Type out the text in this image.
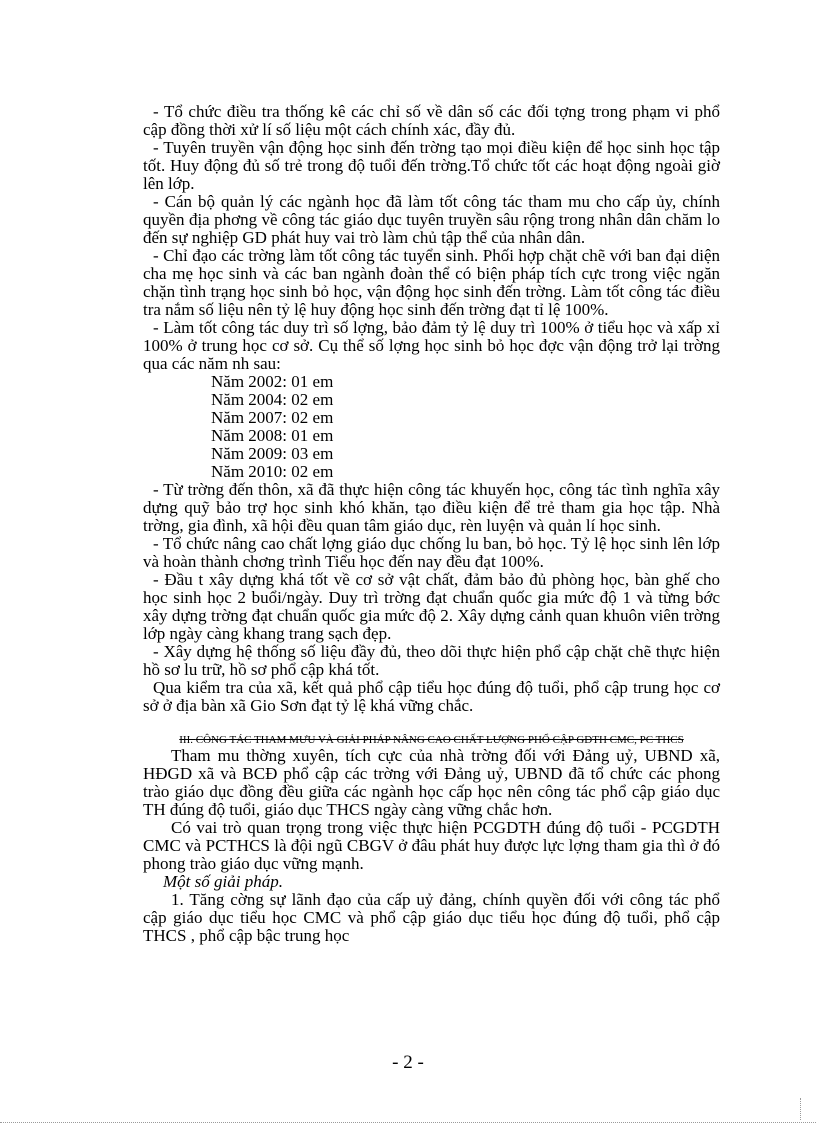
- Tổ chức điều tra thống kê các chỉ số về dân số các đối tợng trong phạm vi phổ cập đồng thời xử lí số liệu một cách chính xác, đầy đủ.

- Tuyên truyền vận động học sinh đến trờng tạo mọi điều kiện để học sinh học tập tốt. Huy động đủ số trẻ trong độ tuổi đến trờng.Tổ chức tốt các hoạt động ngoài giờ lên lớp.

- Cán bộ quản lý các ngành học đã làm tốt công tác tham mu cho cấp ủy, chính quyền địa phơng về công tác giáo dục tuyên truyền sâu rộng trong nhân dân chăm lo đến sự nghiệp GD phát huy vai trò làm chủ tập thể của nhân dân.

- Chỉ đạo các trờng làm tốt công tác tuyển sinh. Phối hợp chặt chẽ với ban đại diện cha mẹ học sinh và các ban ngành đoàn thể có biện pháp tích cực trong việc ngăn chặn tình trạng học sinh bỏ học, vận động học sinh đến trờng. Làm tốt công tác điều tra nắm số liệu nên tỷ lệ huy động học sinh đến trờng đạt tỉ lệ 100%.

- Làm tốt công tác duy trì số lợng, bảo đảm tỷ lệ duy trì 100% ở tiểu học và xấp xỉ 100% ở trung học cơ sở. Cụ thể số lợng học sinh bỏ học đợc vận động trở lại trờng qua các năm nh sau:

Năm 2002: 01 em
Năm 2004: 02 em
Năm 2007: 02 em
Năm 2008: 01 em
Năm 2009: 03 em
Năm 2010: 02 em

- Từ trờng đến thôn, xã đã thực hiện công tác khuyến học, công tác tình nghĩa xây dựng quỹ bảo trợ học sinh khó khăn, tạo điều kiện để trẻ tham gia học tập. Nhà trờng, gia đình, xã hội đều quan tâm giáo dục, rèn luyện và quản lí học sinh.

- Tổ chức nâng cao chất lợng giáo dục chống lu ban, bỏ học. Tỷ lệ học sinh lên lớp và hoàn thành chơng trình Tiểu học đến nay đều đạt 100%.

- Đầu t xây dựng khá tốt về cơ sở vật chất, đảm bảo đủ phòng học, bàn ghế cho học sinh học 2 buổi/ngày. Duy trì trờng đạt chuẩn quốc gia mức độ 1 và từng bớc xây dựng trờng đạt chuẩn quốc gia mức độ 2. Xây dựng cảnh quan khuôn viên trờng lớp ngày càng khang trang sạch đẹp.

- Xây dựng hệ thống số liệu đầy đủ, theo dõi thực hiện phổ cập chặt chẽ thực hiện hồ sơ lu trữ, hồ sơ phổ cập khá tốt.

Qua kiểm tra của xã, kết quả phổ cập tiểu học đúng độ tuổi, phổ cập trung học cơ sở ở địa bàn xã Gio Sơn đạt tỷ lệ khá vững chắc.

III. CÔNG TÁC THAM MƯU VÀ GIẢI PHÁP NÂNG CAO CHẤT LƯỢNG PHỔ CẬP GDTH CMC, PC THCS

Tham mu thờng xuyên, tích cực của nhà trờng đối với Đảng uỷ, UBND xã, HĐGD xã và BCĐ phổ cập các trờng với Đảng uỷ, UBND đã tổ chức các phong trào giáo dục đồng đều giữa các ngành học cấp học nên công tác phổ cập giáo dục TH đúng độ tuổi, giáo dục THCS ngày càng vững chắc hơn.

Có vai trò quan trọng trong việc thực hiện PCGDTH đúng độ tuổi - PCGDTH CMC và PCTHCS là đội ngũ CBGV ở đâu phát huy được lực lợng tham gia thì ở đó phong trào giáo dục vững mạnh.

Một số giải pháp.

1. Tăng cờng sự lãnh đạo của cấp uỷ đảng, chính quyền đối với công tác phổ cập giáo dục tiểu học CMC và phổ cập giáo dục tiểu học đúng độ tuổi, phổ cập THCS , phổ cập bậc trung học

- 2 -
